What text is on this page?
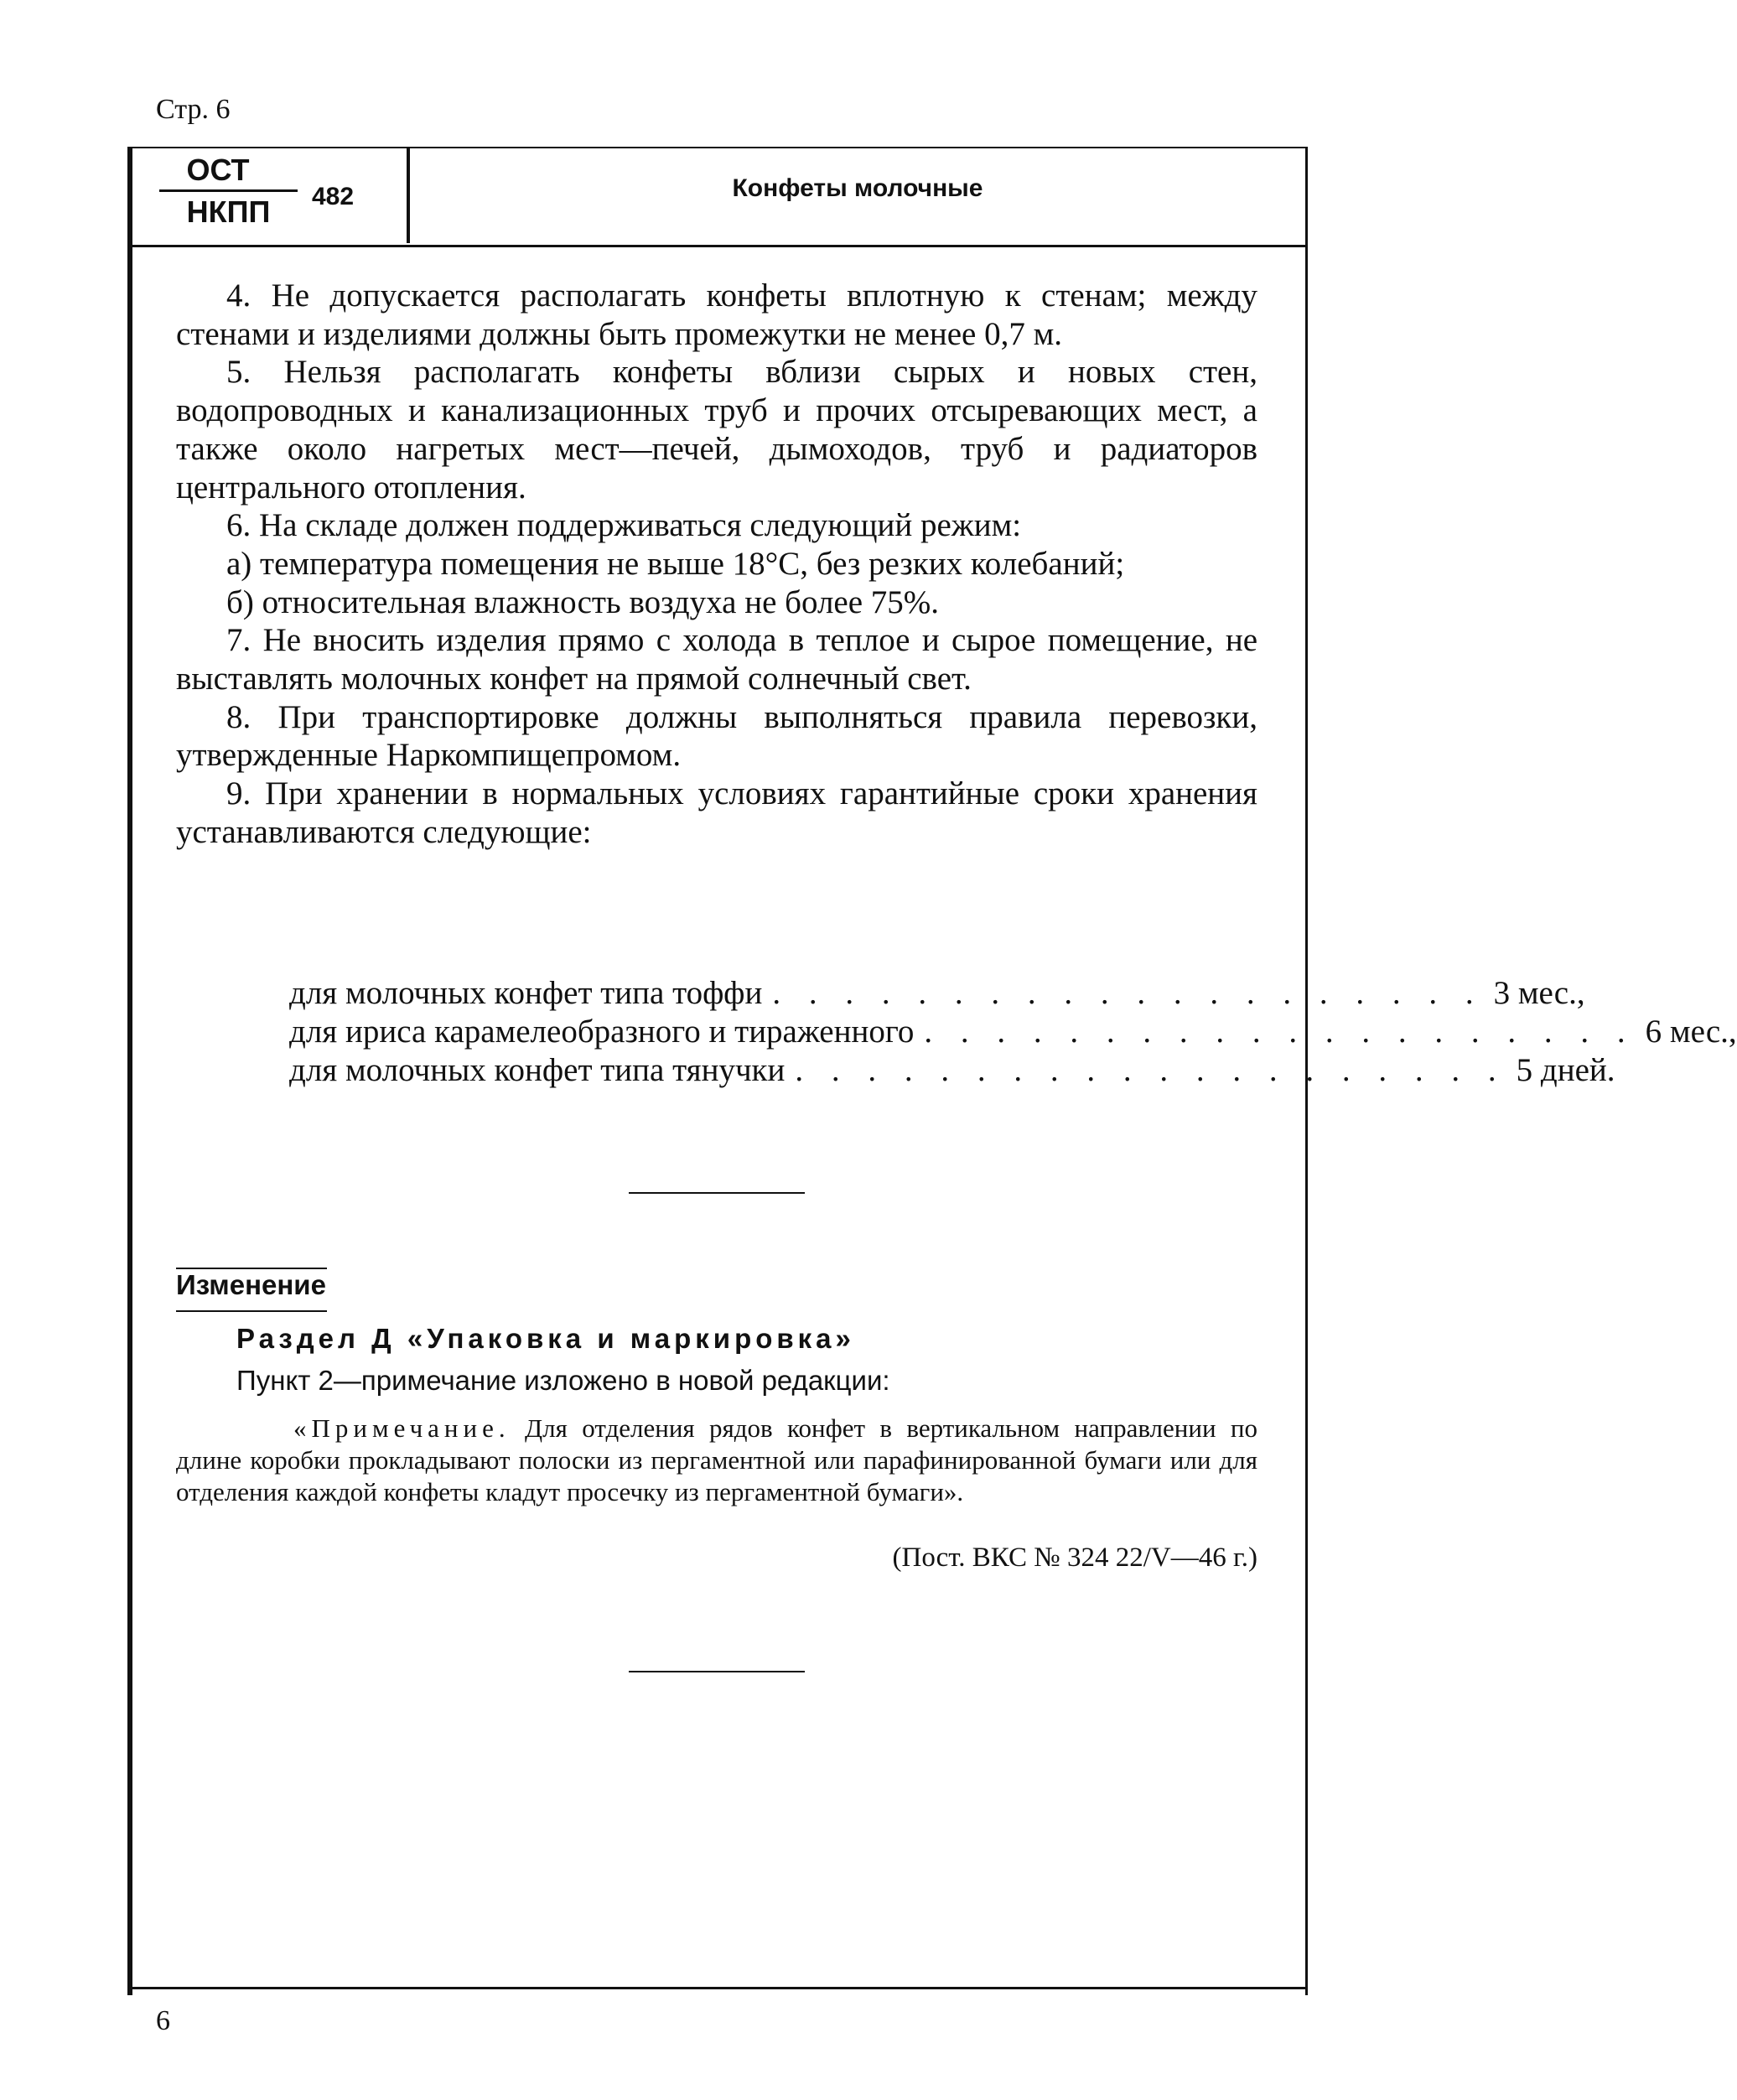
Стр. 6
ОСТ
НКПП	482	Конфеты молочные

4. Не допускается располагать конфеты вплотную к стенам; между стенами и изделиями должны быть промежутки не менее 0,7 м.

5. Нельзя располагать конфеты вблизи сырых и новых стен, водопроводных и канализационных труб и прочих отсыревающих мест, а также около нагретых мест—печей, дымоходов, труб и радиаторов центрального отопления.

6. На складе должен поддерживаться следующий режим:

а) температура помещения не выше 18°С, без резких колебаний;

б) относительная влажность воздуха не более 75%.

7. Не вносить изделия прямо с холода в теплое и сырое помещение, не выставлять молочных конфет на прямой солнечный свет.

8. При транспортировке должны выполняться правила перевозки, утвержденные Наркомпищепромом.

9. При хранении в нормальных условиях гарантийные сроки хранения устанавливаются следующие:

для молочных конфет типа тоффи . . . . . . . . . . . . . . . . . . . . 3 мес.,
для ириса карамелеобразного и тираженного . . . . . . . . . . . . . . . . . . . . 6 мес.,
для молочных конфет типа тянучки . . . . . . . . . . . . . . . . . . . . 5 дней.
Изменение
Раздел Д «Упаковка и маркировка»
Пункт 2—примечание изложено в новой редакции:
«Примечание. Для отделения рядов конфет в вертикальном направлении по длине коробки прокладывают полоски из пергаментной или парафинированной бумаги или для отделения каждой конфеты кладут просечку из пергаментной бумаги».
(Пост. ВКС № 324 22/V—46 г.)
6
